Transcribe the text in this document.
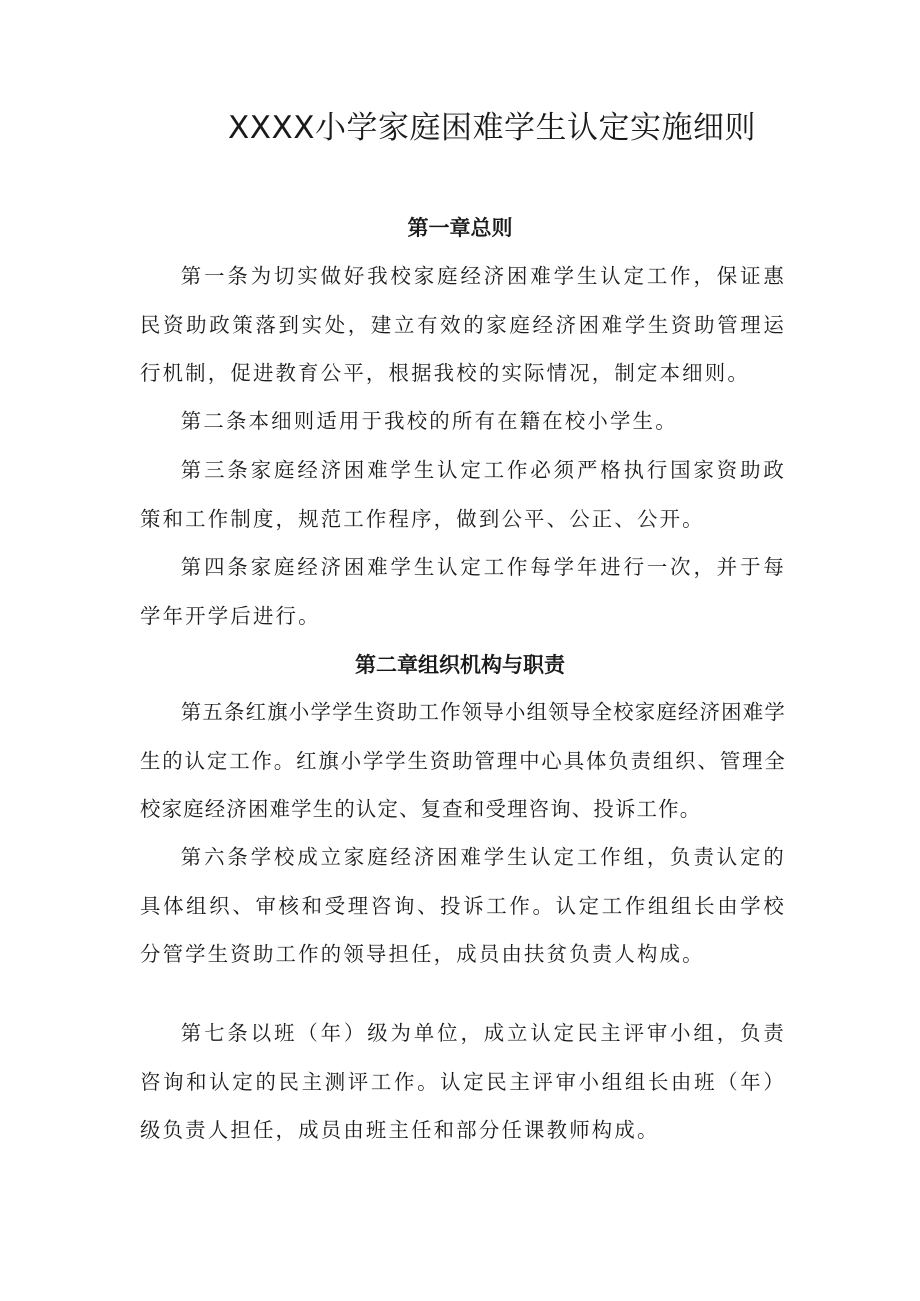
XXXX小学家庭困难学生认定实施细则
第一章总则

第一条为切实做好我校家庭经济困难学生认定工作，保证惠民资助政策落到实处，建立有效的家庭经济困难学生资助管理运行机制，促进教育公平，根据我校的实际情况，制定本细则。

第二条本细则适用于我校的所有在籍在校小学生。

第三条家庭经济困难学生认定工作必须严格执行国家资助政策和工作制度，规范工作程序，做到公平、公正、公开。

第四条家庭经济困难学生认定工作每学年进行一次，并于每学年开学后进行。

第二章组织机构与职责

第五条红旗小学学生资助工作领导小组领导全校家庭经济困难学生的认定工作。红旗小学学生资助管理中心具体负责组织、管理全校家庭经济困难学生的认定、复查和受理咨询、投诉工作。

第六条学校成立家庭经济困难学生认定工作组，负责认定的具体组织、审核和受理咨询、投诉工作。认定工作组组长由学校分管学生资助工作的领导担任，成员由扶贫负责人构成。

第七条以班（年）级为单位，成立认定民主评审小组，负责咨询和认定的民主测评工作。认定民主评审小组组长由班（年）级负责人担任，成员由班主任和部分任课教师构成。
